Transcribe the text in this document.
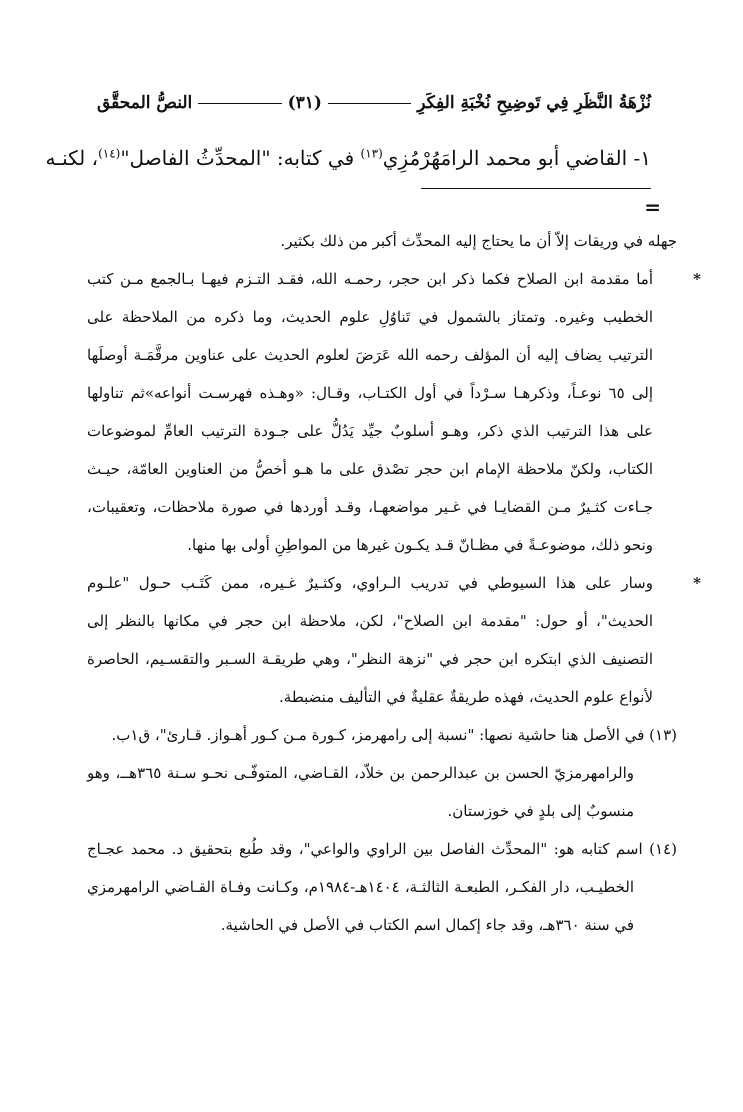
نُزْهَةُ النَّظَرِ فِي تَوضِيحِ نُخْبَةِ الفِكَرِ
(٣١)
النصُّ المحقَّق
١- القاضي أبو محمد الرامَهُرْمُزِي$^{(١٣)}$ في كتابه: "المحدِّثُ الفاصل"$^{(١٤)}$، لكنـه
=

جهله في وريقات إلاّ أن ما يحتاج إليه المحدِّث أكبر من ذلك بكثير.

*أما مقدمة ابن الصلاح فكما ذكر ابن حجر، رحمـه الله، فقـد التـزم فيهـا بـالجمع مـن كتب الخطيب وغيره. وتمتاز بالشمول في تَناوُلِ علوم الحديث، وما ذكره من الملاحظة على الترتيب يضاف إليه أن المؤلف رحمه الله عَرَضَ لعلوم الحديث على عناوين مرقَّمَـة أوصلَها إلى ٦٥ نوعـاً، وذكرهـا سـرْداً في أول الكتـاب، وقـال: «وهـذه فهرسـت أنواعه»ثم تناولها على هذا الترتيب الذي ذكر، وهـو أسلوبٌ جيِّد يَدُلُّ على جـودة الترتيب العامِّ لموضوعات الكتاب، ولكنّ ملاحظة الإمام ابن حجر تصْدق على ما هـو أخصُّ من العناوين العامّة، حيـث جـاءت كثـيرٌ مـن القضايـا في غـير مواضعهـا، وقـد أوردها في صورة ملاحظات، وتعقيبات، ونحو ذلك، موضوعـةً في مظـانّ قـد يكـون غيرها من المواطِنِ أولى بها منها.

*وسار على هذا السيوطي في تدريب الـراوي، وكثـيرٌ غـيره، ممن كَتَـب حـول "علـوم الحديث"، أو حول: "مقدمة ابن الصلاح"، لكن، ملاحظة ابن حجر في مكانها بالنظر إلى التصنيف الذي ابتكره ابن حجر في "نزهة النظر"، وهي طريقـة السـبر والتقسـيم، الحاصرة لأنواع علوم الحديث، فهذه طريقةٌ عقليةٌ في التأليف منضبطة.

(١٣) في الأصل هنا حاشية نصها: "نسبة إلى رامهرمز، كـورة مـن كـور أهـواز. قـارئ"، ق١ب.

والرامهرمزيّ الحسن بن عبدالرحمن بن خلاّد، القـاضي، المتوفّـى نحـو سـنة ٣٦٥هــ، وهو منسوبٌ إلى بلدٍ في خوزستان.

(١٤) اسم كتابه هو: "المحدِّث الفاصل بين الراوي والواعي"، وقد طُبع بتحقيق د. محمد عجـاج الخطيـب، دار الفكـر، الطبعـة الثالثـة، ١٤٠٤هـ-١٩٨٤م، وكـانت وفـاة القـاضي الرامهرمزي في سنة ٣٦٠هـ، وقد جاء إكمال اسم الكتاب في الأصل في الحاشية.
